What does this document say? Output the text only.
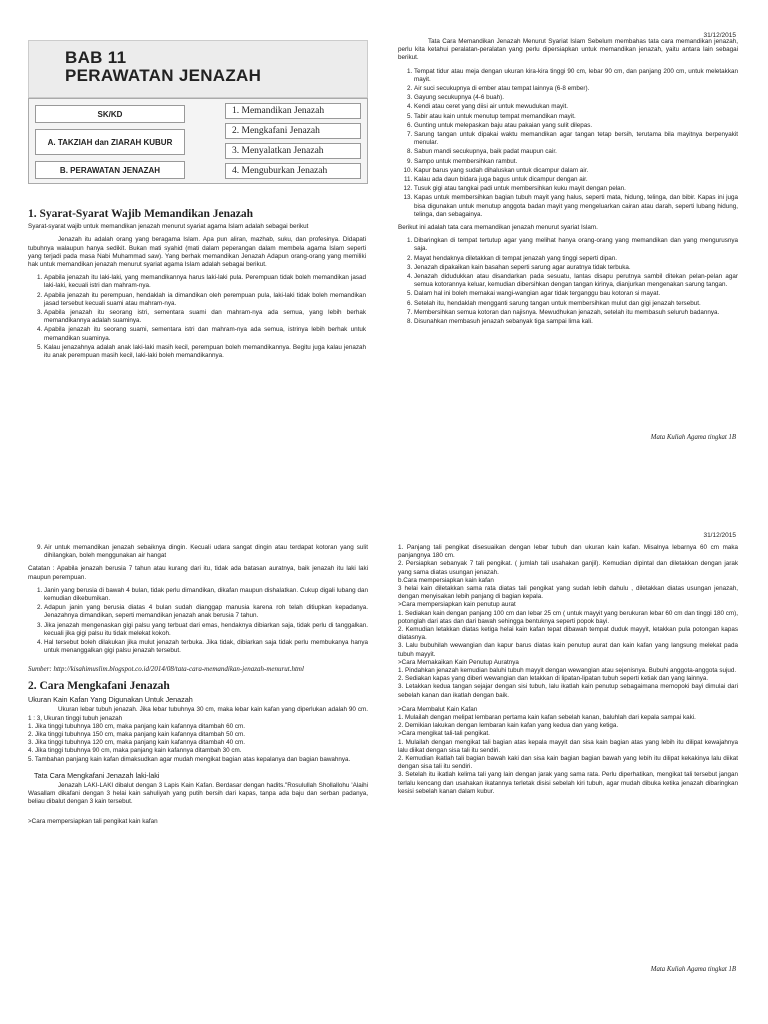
31/12/2015
BAB 11
PERAWATAN JENAZAH
SK/KD
A. TAKZIAH dan ZIARAH KUBUR
B. PERAWATAN JENAZAH
1. Memandikan Jenazah
2. Mengkafani Jenazah
3. Menyalatkan Jenazah
4. Menguburkan Jenazah
1. Syarat-Syarat Wajib Memandikan Jenazah

Syarat-syarat wajib untuk memandikan jenazah menurut syariat agama Islam adalah sebagai berikut

Jenazah itu adalah orang yang beragama Islam. Apa pun aliran, mazhab, suku, dan profesinya. Didapati tubuhnya walaupun hanya sedikit. Bukan mati syahid (mati dalam peperangan dalam membela agama Islam seperti yang terjadi pada masa Nabi Muhammad saw). Yang berhak memandikan Jenazah Adapun orang-orang yang memiliki hak untuk memandikan jenazah menurut syariat agama Islam adalah sebagai berikut.

1. Apabila jenazah itu laki-laki, yang memandikannya harus laki-laki pula. Perempuan tidak boleh memandikan jasad laki-laki, kecuali istri dan mahram-nya.
2. Apabila jenazah itu perempuan, hendaklah ia dimandikan oleh perempuan pula, laki-laki tidak boleh memandikan jasad tersebut kecuali suami atau mahram-nya.
3. Apabila jenazah itu seorang istri, sementara suami dan mahram-nya ada semua, yang lebih berhak memandikannya adalah suaminya.
4. Apabila jenazah itu seorang suami, sementara istri dan mahram-nya ada semua, istrinya lebih berhak untuk memandikan suaminya.
5. Kalau jenazahnya adalah anak laki-laki masih kecil, perempuan boleh memandikannya. Begitu juga kalau jenazah itu anak perempuan masih kecil, laki-laki boleh memandikannya.

Tata Cara Memandikan Jenazah Menurut Syariat Islam Sebelum membahas tata cara memandikan jenazah, perlu kita ketahui peralatan-peralatan yang perlu dipersiapkan untuk memandikan jenazah, yaitu antara lain sebagai berikut.

1. Tempat tidur atau meja dengan ukuran kira-kira tinggi 90 cm, lebar 90 cm, dan panjang 200 cm, untuk meletakkan mayit.
2. Air suci secukupnya di ember atau tempat lainnya (6-8 ember).
3. Gayung secukupnya (4-6 buah).
4. Kendi atau ceret yang diisi air untuk mewudukan mayit.
5. Tabir atau kain untuk menutup tempat memandikan mayit.
6. Gunting untuk melepaskan baju atau pakaian yang sulit dilepas.
7. Sarung tangan untuk dipakai waktu memandikan agar tangan tetap bersih, terutama bila mayitnya berpenyakit menular.
8. Sabun mandi secukupnya, baik padat maupun cair.
9. Sampo untuk membersihkan rambut.
10. Kapur barus yang sudah dihaluskan untuk dicampur dalam air.
11. Kalau ada daun bidara juga bagus untuk dicampur dengan air.
12. Tusuk gigi atau tangkai padi untuk membersihkan kuku mayit dengan pelan.
13. Kapas untuk membersihkan bagian tubuh mayit yang halus, seperti mata, hidung, telinga, dan bibir. Kapas ini juga bisa digunakan untuk menutup anggota badan mayit yang mengeluarkan cairan atau darah, seperti lubang hidung, telinga, dan sebagainya.

Berikut ini adalah tata cara memandikan jenazah menurut syariat Islam.

1. Dibaringkan di tempat tertutup agar yang melihat hanya orang-orang yang memandikan dan yang mengurusnya saja.
2. Mayat hendaknya diletakkan di tempat jenazah yang tinggi seperti dipan.
3. Jenazah dipakaikan kain basahan seperti sarung agar auratnya tidak terbuka.
4. Jenazah didudukkan atau disandarkan pada sesuatu, lantas disapu perutnya sambil ditekan pelan-pelan agar semua kotorannya keluar, kemudian dibersihkan dengan tangan kirinya, dianjurkan mengenakan sarung tangan.
5. Dalam hal ini boleh memakai wangi-wangian agar tidak terganggu bau kotoran si mayat.
6. Setelah itu, hendaklah mengganti sarung tangan untuk membersihkan mulut dan gigi jenazah tersebut.
7. Membersihkan semua kotoran dan najisnya. Mewudhukan jenazah, setelah itu membasuh seluruh badannya.
8. Disunahkan membasuh jenazah sebanyak tiga sampai lima kali.
Mata Kuliah Agama tingkat 1B
31/12/2015
9. Air untuk memandikan jenazah sebaiknya dingin. Kecuali udara sangat dingin atau terdapat kotoran yang sulit dihilangkan, boleh menggunakan air hangat

Catatan : Apabila jenazah berusia 7 tahun atau kurang dari itu, tidak ada batasan auratnya, baik jenazah itu laki laki maupun perempuan.

1. Janin yang berusia di bawah 4 bulan, tidak perlu dimandikan, dikafan maupun dishalatkan. Cukup digali lubang dan kemudian dikebumikan.
2. Adapun janin yang berusia diatas 4 bulan sudah dianggap manusia karena roh telah ditiupkan kepadanya. Jenazahnya dimandikan, seperti memandikan jenazah anak berusia 7 tahun.
3. Jika jenazah mengenaskan gigi palsu yang terbuat dari emas, hendaknya dibiarkan saja, tidak perlu di tanggalkan. kecuali jika gigi palsu itu tidak melekat kokoh.
4. Hal tersebut boleh dilakukan jika mulut jenazah terbuka. Jika tidak, dibiarkan saja tidak perlu membukanya hanya untuk menanggalkan gigi palsu jenazah tersebut.
Sumber: http://kisahimuslim.blogspot.co.id/2014/08/tata-cara-memandikan-jenazah-menurut.html
2. Cara Mengkafani Jenazah
Ukuran Kain Kafan Yang Digunakan Untuk Jenazah

Ukuran lebar tubuh jenazah. Jika lebar tubuhnya 30 cm, maka lebar kain kafan yang diperlukan adalah 90 cm. 1 : 3, Ukuran tinggi tubuh jenazah

1. Jika tinggi tubuhnya 180 cm, maka panjang kain kafannya ditambah 60 cm.

2. Jika tinggi tubuhnya 150 cm, maka panjang kain kafannya ditambah 50 cm.

3. Jika tinggi tubuhnya 120 cm, maka panjang kain kafannya ditambah 40 cm.

4. Jika tinggi tubuhnya 90 cm, maka panjang kain kafannya ditambah 30 cm.

5. Tambahan panjang kain kafan dimaksudkan agar mudah mengikat bagian atas kepalanya dan bagian bawahnya.

Tata Cara Mengkafani Jenazah laki-laki

Jenazah LAKI-LAKI dibalut dengan 3 Lapis Kain Kafan. Berdasar dengan hadits."Rosulullah Shollallohu 'Alaihi Wasallam dikafani dengan 3 helai kain sahuliyah yang putih bersih dari kapas, tanpa ada baju dan serban padanya, beliau dibalut dengan 3 kain tersebut.

>Cara mempersiapkan tali pengikat kain kafan

1. Panjang tali pengikat disesuaikan dengan lebar tubuh dan ukuran kain kafan. Misalnya lebarnya 60 cm maka panjangnya 180 cm.

2. Persiapkan sebanyak 7 tali pengikat. ( jumlah tali usahakan ganjil). Kemudian dipintal dan diletakkan dengan jarak yang sama diatas usungan jenazah.

b.Cara mempersiapkan kain kafan

3 helai kain diletakkan sama rata diatas tali pengikat yang sudah lebih dahulu , diletakkan diatas usungan jenazah, dengan menyisakan lebih panjang di bagian kepala.

>Cara mempersiapkan kain penutup aurat

1. Sediakan kain dengan panjang 100 cm dan lebar 25 cm ( untuk mayyit yang berukuran lebar 60 cm dan tinggi 180 cm), potonglah dari atas dan dari bawah sehingga bentuknya seperti popok bayi.

2. Kemudian letakkan diatas ketiga helai kain kafan tepat dibawah tempat duduk mayyit, letakkan pula potongan kapas diatasnya.

3. Lalu bubuhilah wewangian dan kapur barus diatas kain penutup aurat dan kain kafan yang langsung melekat pada tubuh mayyit.

>Cara Memakaikan Kain Penutup Auratnya

1. Pindahkan jenazah kemudian baluhi tubuh mayyit dengan wewangian atau sejenisnya. Bubuhi anggota-anggota sujud.

2. Sediakan kapas yang diberi wewangian dan letakkan di lipatan-lipatan tubuh seperti ketiak dan yang lainnya.

3. Letakkan kedua tangan sejajar dengan sisi tubuh, lalu ikatlah kain penutup sebagaimana memopoki bayi dimulai dari sebelah kanan dan ikatlah dengan baik.

>Cara Membalut Kain Kafan

1. Mulailah dengan melipat lembaran pertama kain kafan sebelah kanan, baluhlah dari kepala sampai kaki.

2. Demikian lakukan dengan lembaran kain kafan yang kedua dan yang ketiga.

>Cara mengikat tali-tali pengikat.

1. Mulailah dengan mengikat tali bagian atas kepala mayyit dan sisa kain bagian atas yang lebih itu dilipat kewajahnya lalu diikat dengan sisa tali itu sendiri.

2. Kemudian ikatlah tali bagian bawah kaki dan sisa kain bagian bagian bawah yang lebih itu dilipat kekakinya lalu diikat dengan sisa tali itu sendiri.

3. Setelah itu ikatlah kelima tali yang lain dengan jarak yang sama rata. Perlu diperhatikan, mengikat tali tersebut jangan terlalu kencang dan usahakan ikatannya terletak disisi sebelah kiri tubuh, agar mudah dibuka ketika jenazah dibaringkan kesisi sebelah kanan dalam kubur.

Mata Kuliah Agama tingkat 1B
